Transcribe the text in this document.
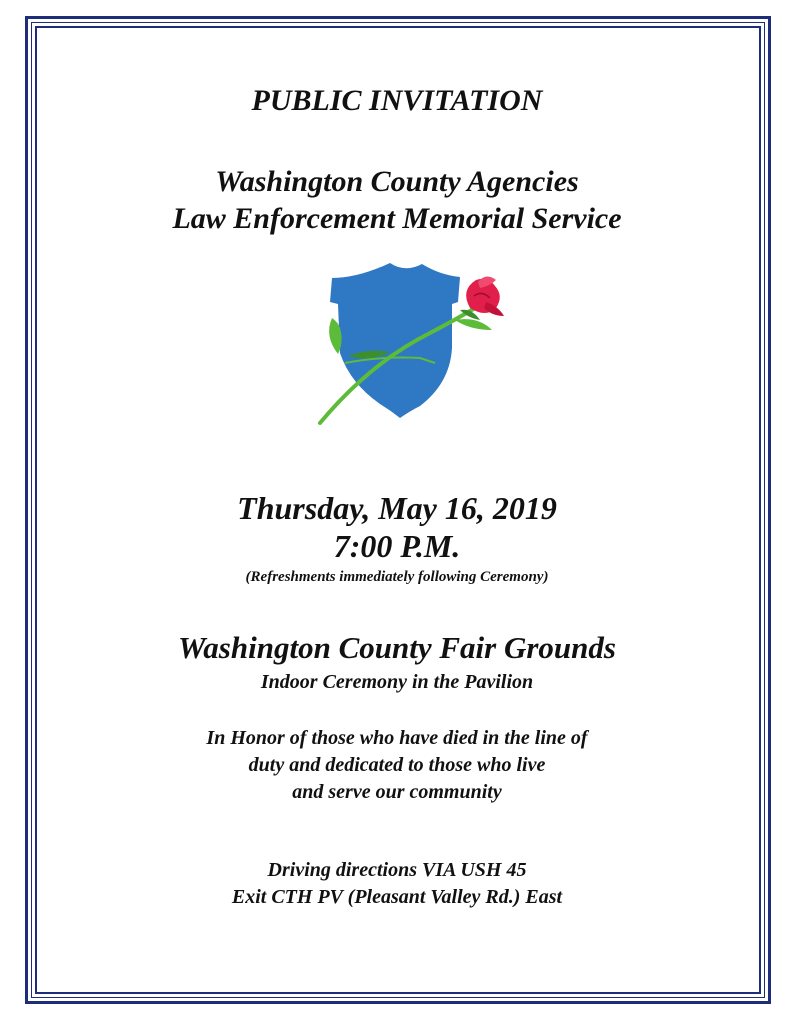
PUBLIC INVITATION
Washington County Agencies
Law Enforcement Memorial Service
Thursday, May 16, 2019
7:00 P.M.
(Refreshments immediately following Ceremony)
Washington County Fair Grounds
Indoor Ceremony in the Pavilion
In Honor of those who have died in the line of
duty and dedicated to those who live
and serve our community
Driving directions VIA USH 45
Exit CTH PV (Pleasant Valley Rd.) East
